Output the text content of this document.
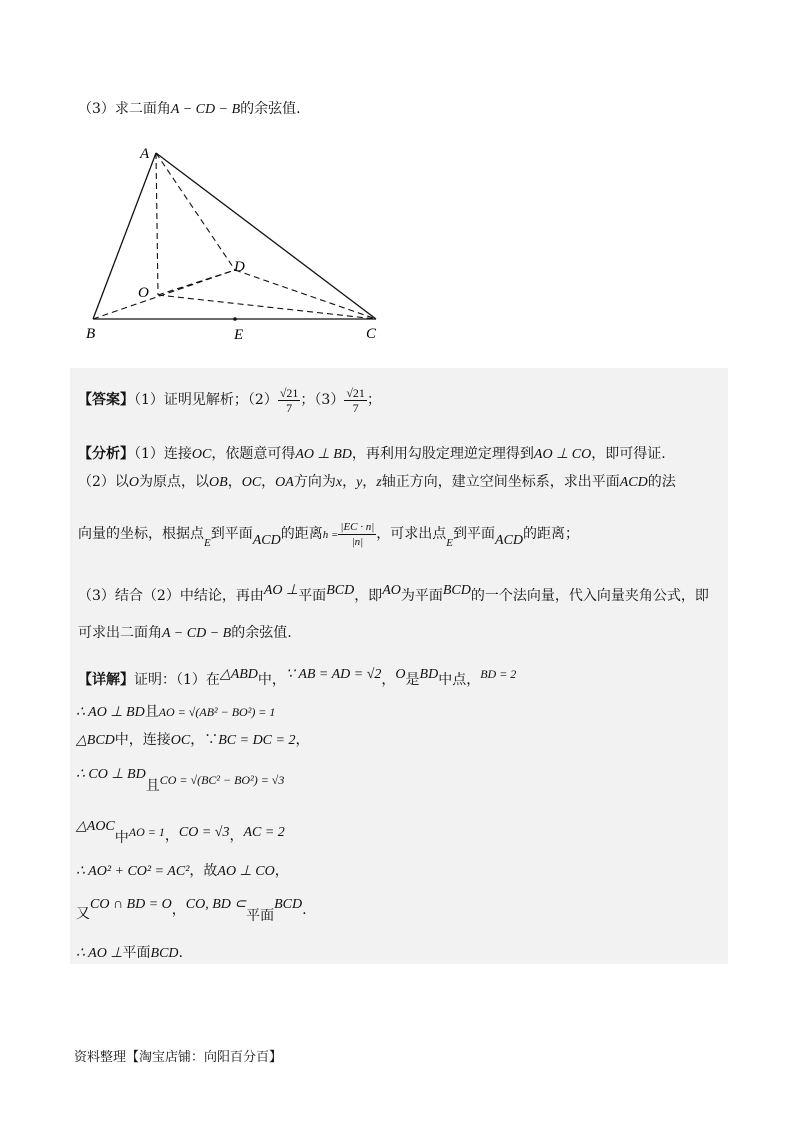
（3）求二面角A − CD − B的余弦值.
A
D
O
B	E	C
【答案】（1）证明见解析；$(2) \frac{√21}{7}$ ；$(3) \frac{√21}{7}$ ；
【分析】（1）连接OC，依题意可得AO ⊥ BD，再利用勾股定理逆定理得到AO ⊥ CO，即可得证.
（2）以O为原点，以OB，OC，OA方向为x，y，z轴正方向，建立空间坐标系，求出平面ACD的法
向量的坐标，根据点$_E$到平面ACD的距离$h = \frac{|EC \cdot n|}{|n|}$ ，可求出点$_E$到平面ACD的距离；
（3）结合（2）中结论，再由AO ⊥平面BCD，即AO为平面BCD的一个法向量，代入向量夹角公式，即
可求出二面角A − CD − B的余弦值.
【详解】证明：（1）在△ABD中，∵ AB = AD = √2，O是BD中点，BD = 2
∴ AO ⊥ BD且AO = √(AB² − BO²) = 1
△BCD中，连接OC，∵BC = DC = 2，
∴ CO ⊥ BD且CO = √(BC² − BO²) = √3
△AOC中AO = 1，CO = √3，AC = 2
∴ AO² + CO² = AC²，故AO ⊥ CO，
又CO ∩ BD = O，CO, BD ⊂平面BCD.
∴ AO ⊥平面BCD.
资料整理【淘宝店铺：向阳百分百】
